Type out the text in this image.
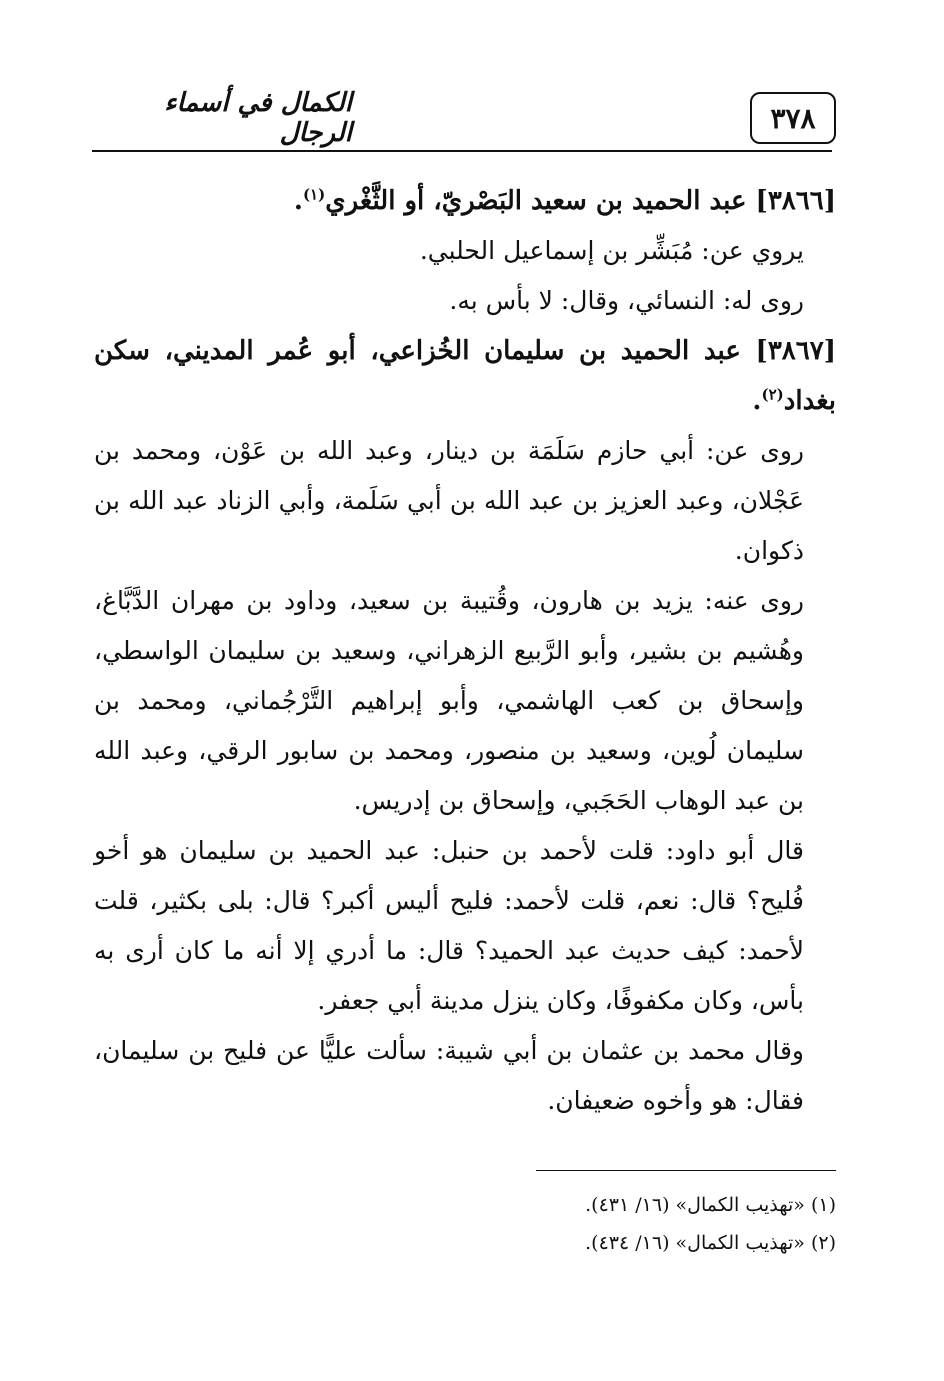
٣٧٨
الكمال في أسماء الرجال

[٣٨٦٦] عبد الحميد بن سعيد البَصْريّ، أو الثَّغْري$^{(١)}$.

يروي عن: مُبَشِّر بن إسماعيل الحلبي.

روى له: النسائي، وقال: لا بأس به.

[٣٨٦٧] عبد الحميد بن سليمان الخُزاعي، أبو عُمر المديني، سكن بغداد$^{(٢)}$.

روى عن: أبي حازم سَلَمَة بن دينار، وعبد الله بن عَوْن، ومحمد بن عَجْلان، وعبد العزيز بن عبد الله بن أبي سَلَمة، وأبي الزناد عبد الله بن ذكوان.

روى عنه: يزيد بن هارون، وقُتيبة بن سعيد، وداود بن مهران الدَّبَّاغ، وهُشيم بن بشير، وأبو الرَّبيع الزهراني، وسعيد بن سليمان الواسطي، وإسحاق بن كعب الهاشمي، وأبو إبراهيم التَّرْجُماني، ومحمد بن سليمان لُوين، وسعيد بن منصور، ومحمد بن سابور الرقي، وعبد الله بن عبد الوهاب الحَجَبي، وإسحاق بن إدريس.

قال أبو داود: قلت لأحمد بن حنبل: عبد الحميد بن سليمان هو أخو فُليح؟ قال: نعم، قلت لأحمد: فليح أليس أكبر؟ قال: بلى بكثير، قلت لأحمد: كيف حديث عبد الحميد؟ قال: ما أدري إلا أنه ما كان أرى به بأس، وكان مكفوفًا، وكان ينزل مدينة أبي جعفر.

وقال محمد بن عثمان بن أبي شيبة: سألت عليًّا عن فليح بن سليمان، فقال: هو وأخوه ضعيفان.

(١) «تهذيب الكمال» (١٦/ ٤٣١).

(٢) «تهذيب الكمال» (١٦/ ٤٣٤).
